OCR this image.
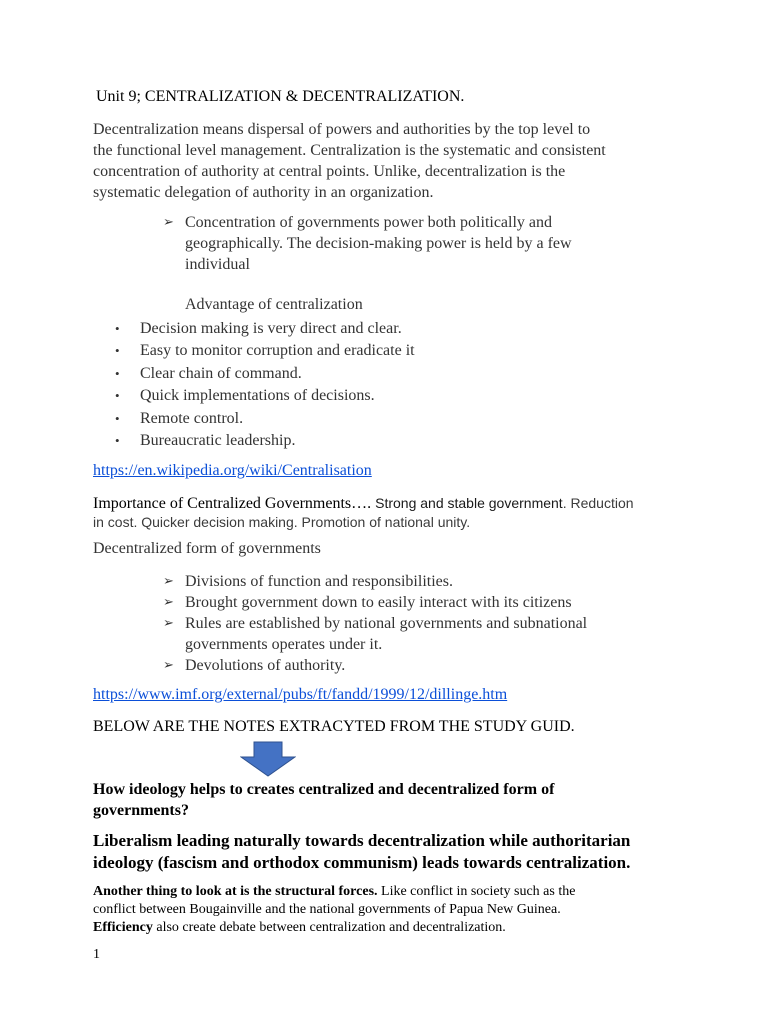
Unit 9; CENTRALIZATION & DECENTRALIZATION.
Decentralization means dispersal of powers and authorities by the top level to
the functional level management. Centralization is the systematic and consistent
concentration of authority at central points. Unlike, decentralization is the
systematic delegation of authority in an organization.
➢ Concentration of governments power both politically and
geographically. The decision-making power is held by a few
individual
Advantage of centralization
• Decision making is very direct and clear.
• Easy to monitor corruption and eradicate it
• Clear chain of command.
• Quick implementations of decisions.
• Remote control.
• Bureaucratic leadership.
https://en.wikipedia.org/wiki/Centralisation
Importance of Centralized Governments…. Strong and stable government. Reduction
in cost. Quicker decision making. Promotion of national unity.
Decentralized form of governments
➢ Divisions of function and responsibilities.
➢ Brought government down to easily interact with its citizens
➢ Rules are established by national governments and subnational
governments operates under it.
➢ Devolutions of authority.
https://www.imf.org/external/pubs/ft/fandd/1999/12/dillinge.htm
BELOW ARE THE NOTES EXTRACYTED FROM THE STUDY GUID.
How ideology helps to creates centralized and decentralized form of
governments?
Liberalism leading naturally towards decentralization while authoritarian
ideology (fascism and orthodox communism) leads towards centralization.
Another thing to look at is the structural forces. Like conflict in society such as the
conflict between Bougainville and the national governments of Papua New Guinea.
Efficiency also create debate between centralization and decentralization.
1
